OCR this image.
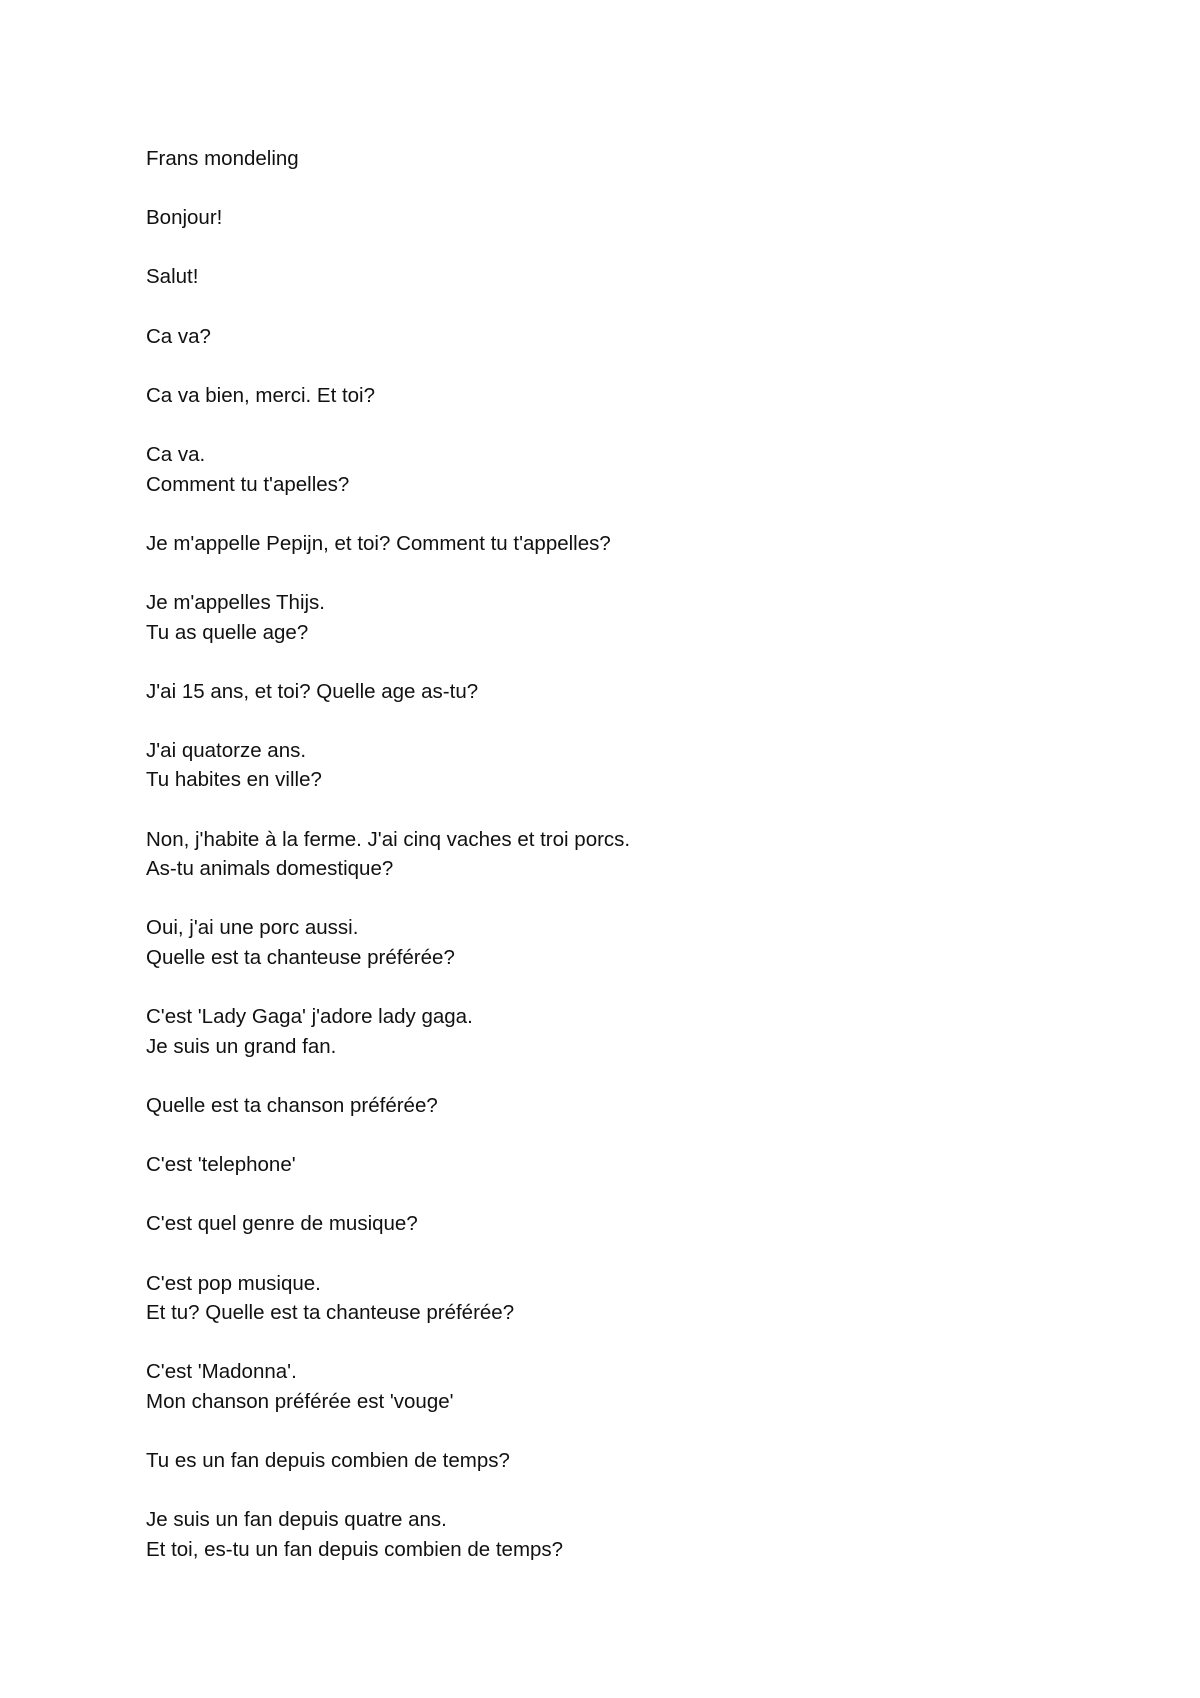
Frans mondeling

Bonjour!

Salut!

Ca va?

Ca va bien, merci. Et toi?

Ca va.
Comment tu t'apelles?

Je m'appelle Pepijn, et toi? Comment tu t'appelles?

Je m'appelles Thijs.
Tu as quelle age?

J'ai 15 ans, et toi? Quelle age as-tu?

J'ai quatorze ans.
Tu habites en ville?

Non, j'habite à la ferme. J'ai cinq vaches et troi porcs.
As-tu animals domestique?

Oui, j'ai une porc aussi.
Quelle est ta chanteuse préférée?

C'est 'Lady Gaga' j'adore lady gaga.
Je suis un grand fan.

Quelle est ta chanson préférée?

C'est 'telephone'

C'est quel genre de musique?

C'est pop musique.
Et tu? Quelle est ta chanteuse préférée?

C'est 'Madonna'.
Mon chanson préférée est 'vouge'

Tu es un fan depuis combien de temps?

Je suis un fan depuis quatre ans.
Et toi, es-tu un fan depuis combien de temps?
